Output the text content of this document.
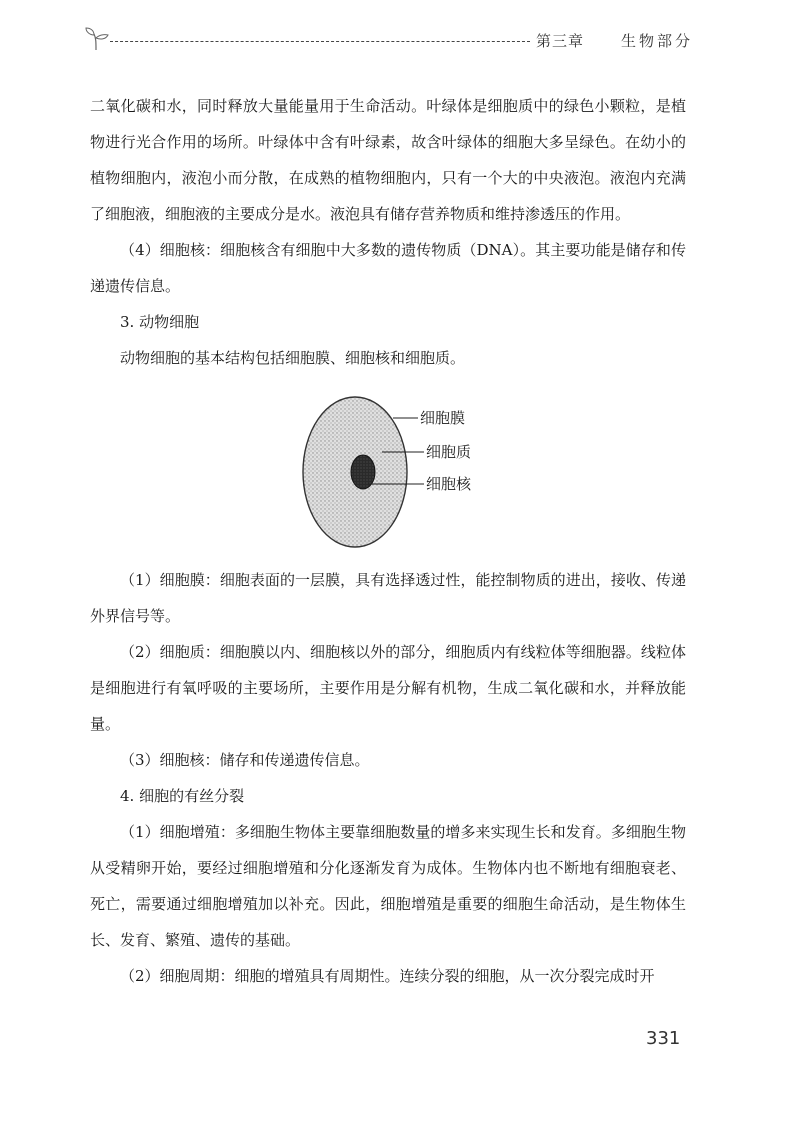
第三章 生物部分

二氧化碳和水，同时释放大量能量用于生命活动。叶绿体是细胞质中的绿色小颗粒，是植物进行光合作用的场所。叶绿体中含有叶绿素，故含叶绿体的细胞大多呈绿色。在幼小的植物细胞内，液泡小而分散，在成熟的植物细胞内，只有一个大的中央液泡。液泡内充满了细胞液，细胞液的主要成分是水。液泡具有储存营养物质和维持渗透压的作用。

（4）细胞核：细胞核含有细胞中大多数的遗传物质（DNA）。其主要功能是储存和传递遗传信息。

3. 动物细胞

动物细胞的基本结构包括细胞膜、细胞核和细胞质。

细胞膜
细胞质
细胞核

（1）细胞膜：细胞表面的一层膜，具有选择透过性，能控制物质的进出，接收、传递外界信号等。

（2）细胞质：细胞膜以内、细胞核以外的部分，细胞质内有线粒体等细胞器。线粒体是细胞进行有氧呼吸的主要场所，主要作用是分解有机物，生成二氧化碳和水，并释放能量。

（3）细胞核：储存和传递遗传信息。

4. 细胞的有丝分裂

（1）细胞增殖：多细胞生物体主要靠细胞数量的增多来实现生长和发育。多细胞生物从受精卵开始，要经过细胞增殖和分化逐渐发育为成体。生物体内也不断地有细胞衰老、死亡，需要通过细胞增殖加以补充。因此，细胞增殖是重要的细胞生命活动，是生物体生长、发育、繁殖、遗传的基础。

（2）细胞周期：细胞的增殖具有周期性。连续分裂的细胞，从一次分裂完成时开

331
